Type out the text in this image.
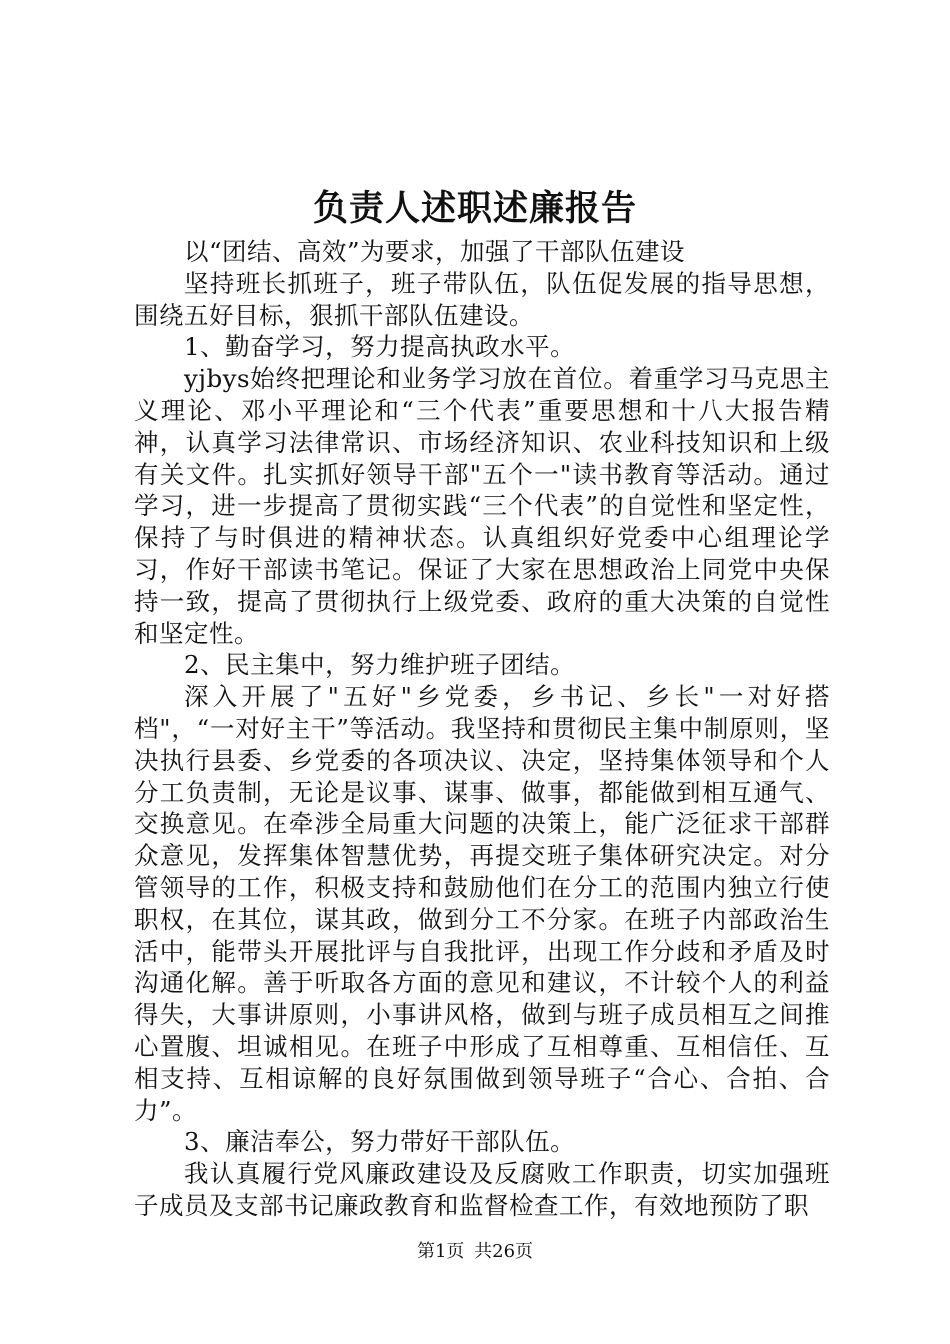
负责人述职述廉报告

以“团结、高效”为要求，加强了干部队伍建设

坚持班长抓班子，班子带队伍，队伍促发展的指导思想，围绕五好目标，狠抓干部队伍建设。

1、勤奋学习，努力提高执政水平。

yjbys始终把理论和业务学习放在首位。着重学习马克思主义理论、邓小平理论和“三个代表”重要思想和十八大报告精神，认真学习法律常识、市场经济知识、农业科技知识和上级有关文件。扎实抓好领导干部"五个一"读书教育等活动。通过学习，进一步提高了贯彻实践“三个代表”的自觉性和坚定性，保持了与时俱进的精神状态。认真组织好党委中心组理论学习，作好干部读书笔记。保证了大家在思想政治上同党中央保持一致，提高了贯彻执行上级党委、政府的重大决策的自觉性和坚定性。

2、民主集中，努力维护班子团结。

深入开展了"五好"乡党委，乡书记、乡长"一对好搭档"，“一对好主干”等活动。我坚持和贯彻民主集中制原则，坚决执行县委、乡党委的各项决议、决定，坚持集体领导和个人分工负责制，无论是议事、谋事、做事，都能做到相互通气、交换意见。在牵涉全局重大问题的决策上，能广泛征求干部群众意见，发挥集体智慧优势，再提交班子集体研究决定。对分管领导的工作，积极支持和鼓励他们在分工的范围内独立行使职权，在其位，谋其政，做到分工不分家。在班子内部政治生活中，能带头开展批评与自我批评，出现工作分歧和矛盾及时沟通化解。善于听取各方面的意见和建议，不计较个人的利益得失，大事讲原则，小事讲风格，做到与班子成员相互之间推心置腹、坦诚相见。在班子中形成了互相尊重、互相信任、互相支持、互相谅解的良好氛围做到领导班子“合心、合拍、合力”。

3、廉洁奉公，努力带好干部队伍。

我认真履行党风廉政建设及反腐败工作职责，切实加强班子成员及支部书记廉政教育和监督检查工作，有效地预防了职

第1页 共26页
